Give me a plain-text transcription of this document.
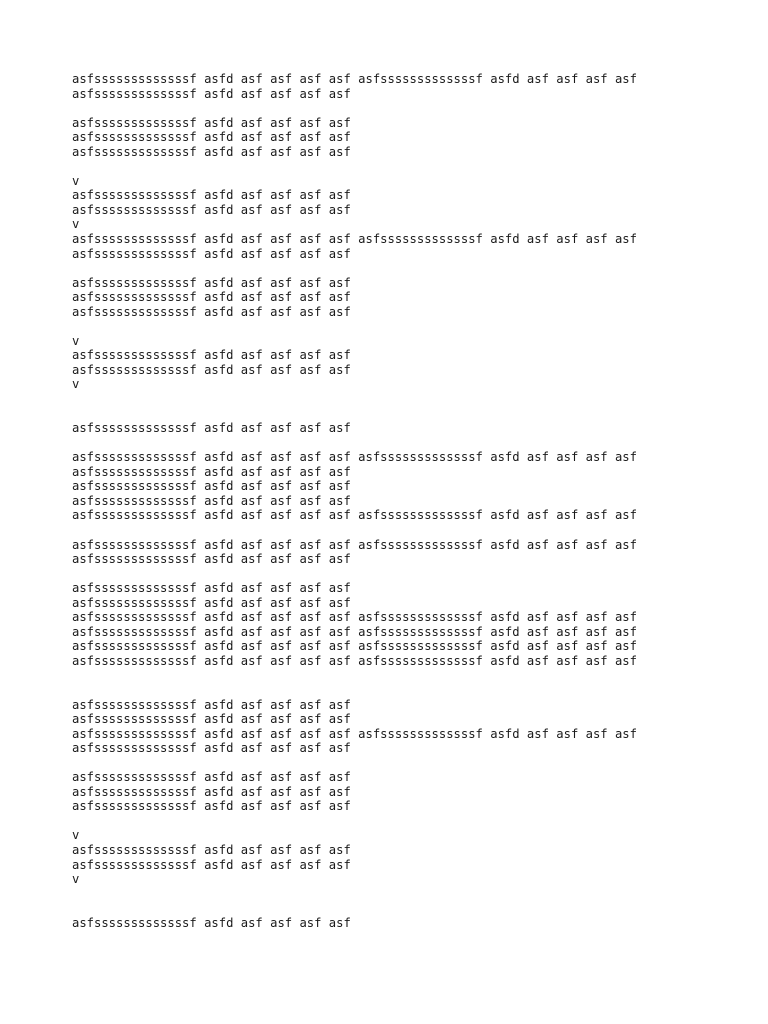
asfsssssssssssssf asfd asf asf asf asf asfsssssssssssssf asfd asf asf asf asf
asfsssssssssssssf asfd asf asf asf asf
asfsssssssssssssf asfd asf asf asf asf
asfsssssssssssssf asfd asf asf asf asf
asfsssssssssssssf asfd asf asf asf asf
v
asfsssssssssssssf asfd asf asf asf asf
asfsssssssssssssf asfd asf asf asf asf
v
asfsssssssssssssf asfd asf asf asf asf asfsssssssssssssf asfd asf asf asf asf
asfsssssssssssssf asfd asf asf asf asf
asfsssssssssssssf asfd asf asf asf asf
asfsssssssssssssf asfd asf asf asf asf
asfsssssssssssssf asfd asf asf asf asf
v
asfsssssssssssssf asfd asf asf asf asf
asfsssssssssssssf asfd asf asf asf asf
v
asfsssssssssssssf asfd asf asf asf asf
asfsssssssssssssf asfd asf asf asf asf asfsssssssssssssf asfd asf asf asf asf
asfsssssssssssssf asfd asf asf asf asf
asfsssssssssssssf asfd asf asf asf asf
asfsssssssssssssf asfd asf asf asf asf
asfsssssssssssssf asfd asf asf asf asf asfsssssssssssssf asfd asf asf asf asf
asfsssssssssssssf asfd asf asf asf asf asfsssssssssssssf asfd asf asf asf asf
asfsssssssssssssf asfd asf asf asf asf
asfsssssssssssssf asfd asf asf asf asf
asfsssssssssssssf asfd asf asf asf asf
asfsssssssssssssf asfd asf asf asf asf asfsssssssssssssf asfd asf asf asf asf
asfsssssssssssssf asfd asf asf asf asf asfsssssssssssssf asfd asf asf asf asf
asfsssssssssssssf asfd asf asf asf asf asfsssssssssssssf asfd asf asf asf asf
asfsssssssssssssf asfd asf asf asf asf asfsssssssssssssf asfd asf asf asf asf
asfsssssssssssssf asfd asf asf asf asf
asfsssssssssssssf asfd asf asf asf asf
asfsssssssssssssf asfd asf asf asf asf asfsssssssssssssf asfd asf asf asf asf
asfsssssssssssssf asfd asf asf asf asf
asfsssssssssssssf asfd asf asf asf asf
asfsssssssssssssf asfd asf asf asf asf
asfsssssssssssssf asfd asf asf asf asf
v
asfsssssssssssssf asfd asf asf asf asf
asfsssssssssssssf asfd asf asf asf asf
v
asfsssssssssssssf asfd asf asf asf asf
